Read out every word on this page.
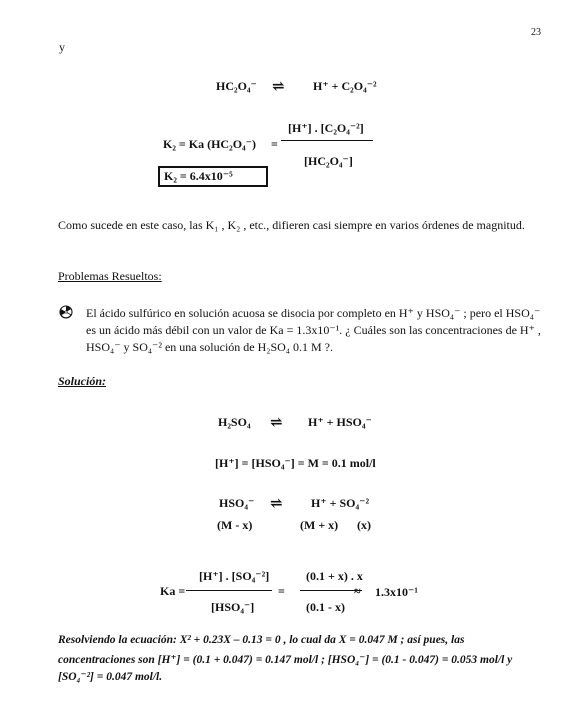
23
y
HC₂O₄⁻ ⇌ H⁺ + C₂O₄⁻²
[H⁺] . [C₂O₄⁻²]
K₂ = Ka (HC₂O₄⁻) =
[HC₂O₄⁻]
K₂ = 6.4x10⁻⁵
Como sucede en este caso, las K₁ , K₂ , etc., difieren casi siempre en varios órdenes de magnitud.
Problemas Resueltos:
El ácido sulfúrico en solución acuosa se disocia por completo en H⁺ y HSO₄⁻ ; pero el HSO₄⁻
es un ácido más débil con un valor de Ka = 1.3x10⁻¹. ¿ Cuáles son las concentraciones de H⁺ ,
HSO₄⁻ y SO₄⁻² en una solución de H₂SO₄ 0.1 M ?.
Solución:
H₂SO₄ ⇌ H⁺ + HSO₄⁻
[H⁺] = [HSO₄⁻] = M = 0.1 mol/l
HSO₄⁻ ⇌ H⁺ + SO₄⁻²
(M - x)	(M + x) (x)
[H⁺] . [SO₄⁻²]
Ka =	=
[HSO₄⁻]
(0.1 + x) . x
(0.1 - x)
≈ 1.3x10⁻¹
Resolviendo la ecuación: X² + 0.23X – 0.13 = 0 , lo cual da X = 0.047 M ; así pues, las
concentraciones son [H⁺] = (0.1 + 0.047) = 0.147 mol/l ; [HSO₄⁻] = (0.1 - 0.047) = 0.053 mol/l y
[SO₄⁻²] = 0.047 mol/l.
